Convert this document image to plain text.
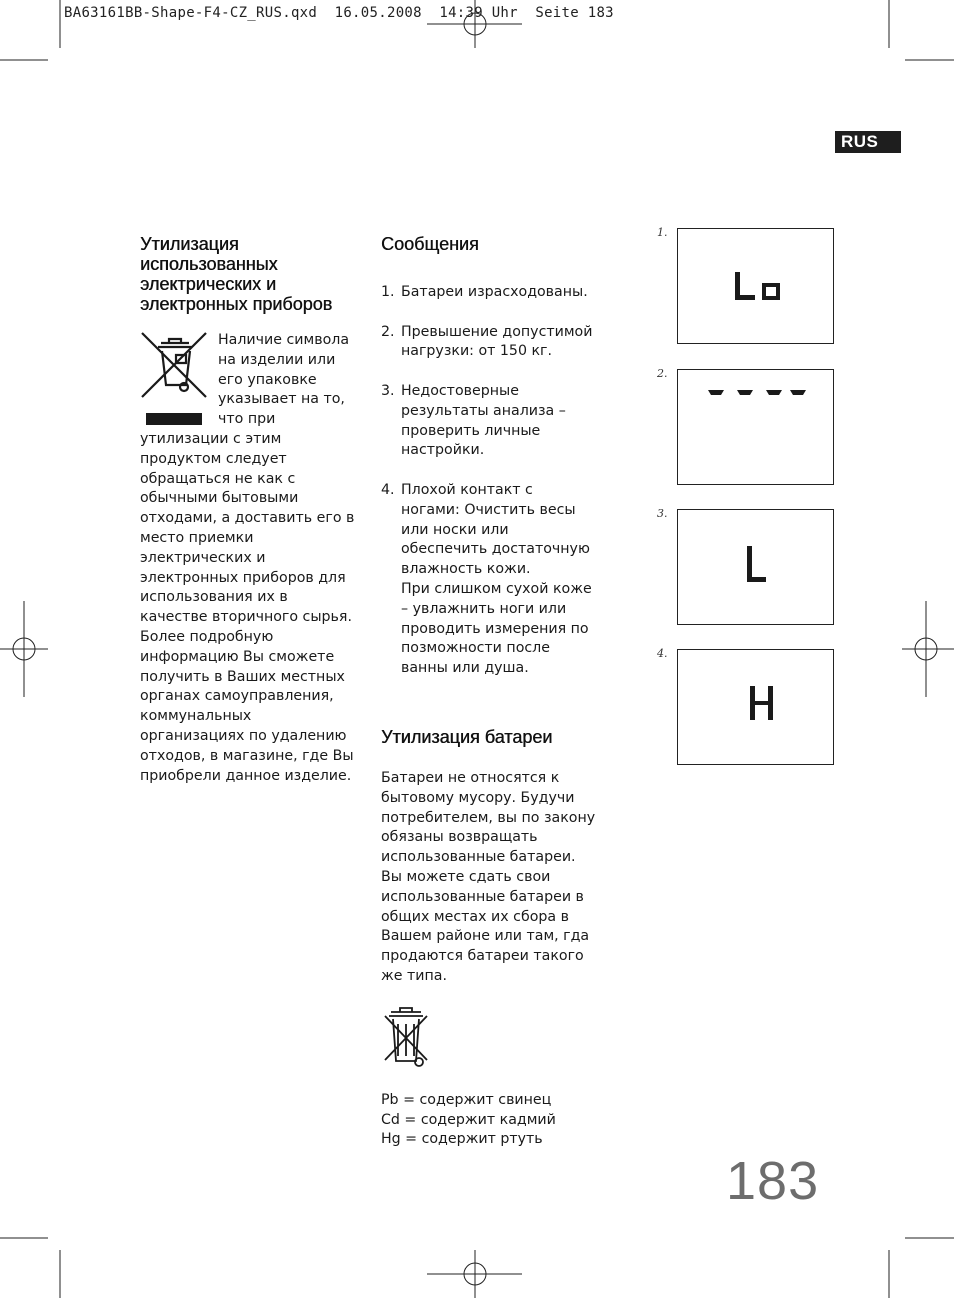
BA63161BB-Shape-F4-CZ_RUS.qxd  16.05.2008  14:39 Uhr  Seite 183
RUS
Утилизация использованных электрических и электронных приборов

Наличие символа на изделии или его упаковке указывает на то, что при утилизации с этим продуктом следует обращаться не как с обычными бытовыми отходами, а доставить его в место приемки электрических и электронных приборов для использования их в качестве вторичного сырья. Более подробную информацию Вы сможете получить в Ваших местных органах самоуправления, коммунальных организациях по удалению отходов, в магазине, где Вы приобрели данное изделие.

Сообщения
1. Батареи израсходованы.
2. Превышение допустимой нагрузки: от 150 кг.
3. Недостоверные результаты анализа – проверить личные настройки.
4. Плохой контакт с ногами: Очистить весы или носки или обеспечить достаточную влажность кожи.
При слишком сухой коже – увлажнить ноги или проводить измерения по позможности после ванны или душа.
Утилизация батареи

Батареи не относятся к бытовому мусору. Будучи потребителем, вы по закону обязаны возвращать использованные батареи. Вы можете сдать свои использованные батареи в общих местах их сбора в Вашем районе или там, гда продаются батареи такого же типа.

Pb = содержит свинец
Cd = содержит кадмий
Hg = содержит ртуть
1.
2.
3.
4.
183
